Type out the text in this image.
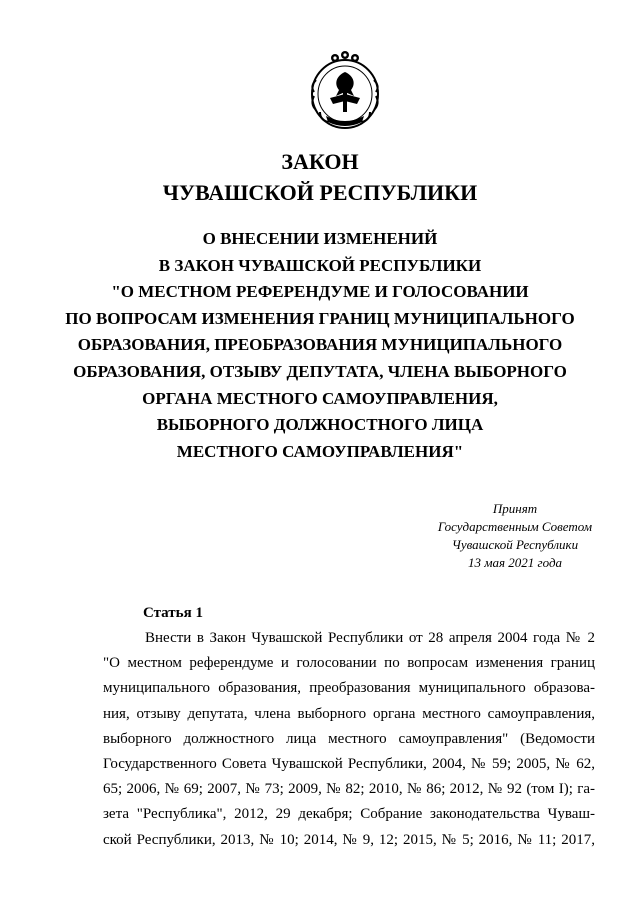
ЗАКОН
ЧУВАШСКОЙ РЕСПУБЛИКИ
О ВНЕСЕНИИ ИЗМЕНЕНИЙ
В ЗАКОН ЧУВАШСКОЙ РЕСПУБЛИКИ
"О МЕСТНОМ РЕФЕРЕНДУМЕ И ГОЛОСОВАНИИ
ПО ВОПРОСАМ ИЗМЕНЕНИЯ ГРАНИЦ МУНИЦИПАЛЬНОГО
ОБРАЗОВАНИЯ, ПРЕОБРАЗОВАНИЯ МУНИЦИПАЛЬНОГО
ОБРАЗОВАНИЯ, ОТЗЫВУ ДЕПУТАТА, ЧЛЕНА ВЫБОРНОГО
ОРГАНА МЕСТНОГО САМОУПРАВЛЕНИЯ,
ВЫБОРНОГО ДОЛЖНОСТНОГО ЛИЦА
МЕСТНОГО САМОУПРАВЛЕНИЯ"
Принят
Государственным Советом
Чувашской Республики
13 мая 2021 года
Статья 1
Внести в Закон Чувашской Республики от 28 апреля 2004 года № 2
"О местном референдуме и голосовании по вопросам изменения границ
муниципального образования, преобразования муниципального образова-
ния, отзыву депутата, члена выборного органа местного самоуправления,
выборного должностного лица местного самоуправления" (Ведомости
Государственного Совета Чувашской Республики, 2004, № 59; 2005, № 62,
65; 2006, № 69; 2007, № 73; 2009, № 82; 2010, № 86; 2012, № 92 (том I); га-
зета "Республика", 2012, 29 декабря; Собрание законодательства Чуваш-
ской Республики, 2013, № 10; 2014, № 9, 12; 2015, № 5; 2016, № 11; 2017,
